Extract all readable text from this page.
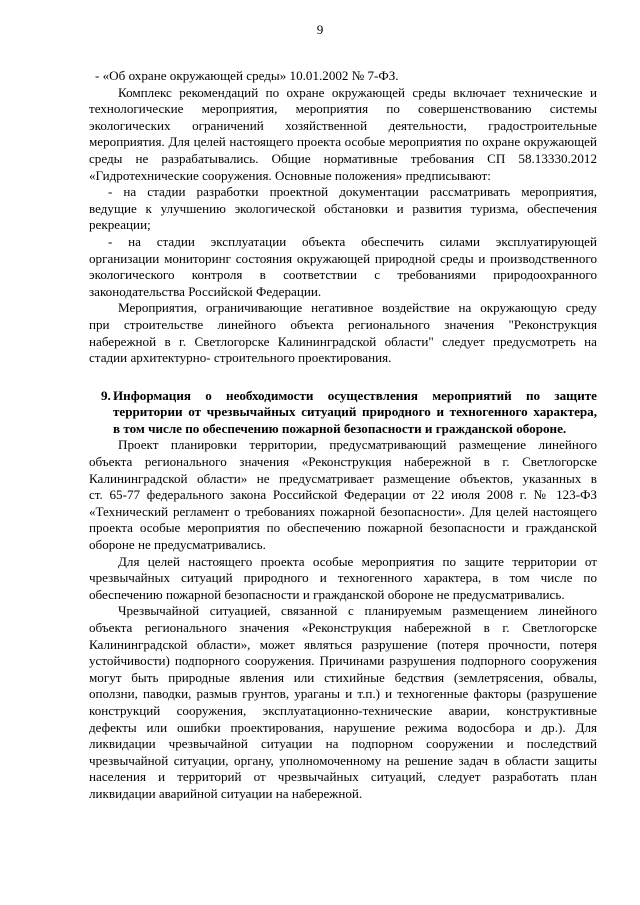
9
- «Об охране окружающей среды» 10.01.2002 № 7-ФЗ.
Комплекс рекомендаций по охране окружающей среды включает технические и
технологические мероприятия, мероприятия по совершенствованию системы
экологических ограничений хозяйственной деятельности, градостроительные
мероприятия. Для целей настоящего проекта особые мероприятия по охране окружающей
среды не разрабатывались. Общие нормативные требования СП 58.13330.2012
«Гидротехнические сооружения. Основные положения» предписывают:
- на стадии разработки проектной документации рассматривать мероприятия,
ведущие к улучшению экологической обстановки и развития туризма, обеспечения
рекреации;
- на стадии эксплуатации объекта обеспечить силами эксплуатирующей
организации мониторинг состояния окружающей природной среды и производственного
экологического контроля в соответствии с требованиями природоохранного
законодательства Российской Федерации.
Мероприятия, ограничивающие негативное воздействие на окружающую среду
при строительстве линейного объекта регионального значения "Реконструкция
набережной в г. Светлогорске Калининградской области" следует предусмотреть на
стадии архитектурно- строительного проектирования.
9. Информация о необходимости осуществления мероприятий по защите
территории от чрезвычайных ситуаций природного и техногенного характера,
в том числе по обеспечению пожарной безопасности и гражданской обороне.
Проект планировки территории, предусматривающий размещение линейного
объекта регионального значения «Реконструкция набережной в г. Светлогорске
Калининградской области» не предусматривает размещение объектов, указанных в
ст. 65-77 федерального закона Российской Федерации от 22 июля 2008 г. № 123-ФЗ
«Технический регламент о требованиях пожарной безопасности». Для целей настоящего
проекта особые мероприятия по обеспечению пожарной безопасности и гражданской
обороне не предусматривались.
Для целей настоящего проекта особые мероприятия по защите территории от
чрезвычайных ситуаций природного и техногенного характера, в том числе по
обеспечению пожарной безопасности и гражданской обороне не предусматривались.
Чрезвычайной ситуацией, связанной с планируемым размещением линейного
объекта регионального значения «Реконструкция набережной в г. Светлогорске
Калининградской области», может являться разрушение (потеря прочности, потеря
устойчивости) подпорного сооружения. Причинами разрушения подпорного сооружения
могут быть природные явления или стихийные бедствия (землетрясения, обвалы,
оползни, паводки, размыв грунтов, ураганы и т.п.) и техногенные факторы (разрушение
конструкций сооружения, эксплуатационно-технические аварии, конструктивные
дефекты или ошибки проектирования, нарушение режима водосбора и др.). Для
ликвидации чрезвычайной ситуации на подпорном сооружении и последствий
чрезвычайной ситуации, органу, уполномоченному на решение задач в области защиты
населения и территорий от чрезвычайных ситуаций, следует разработать план
ликвидации аварийной ситуации на набережной.
